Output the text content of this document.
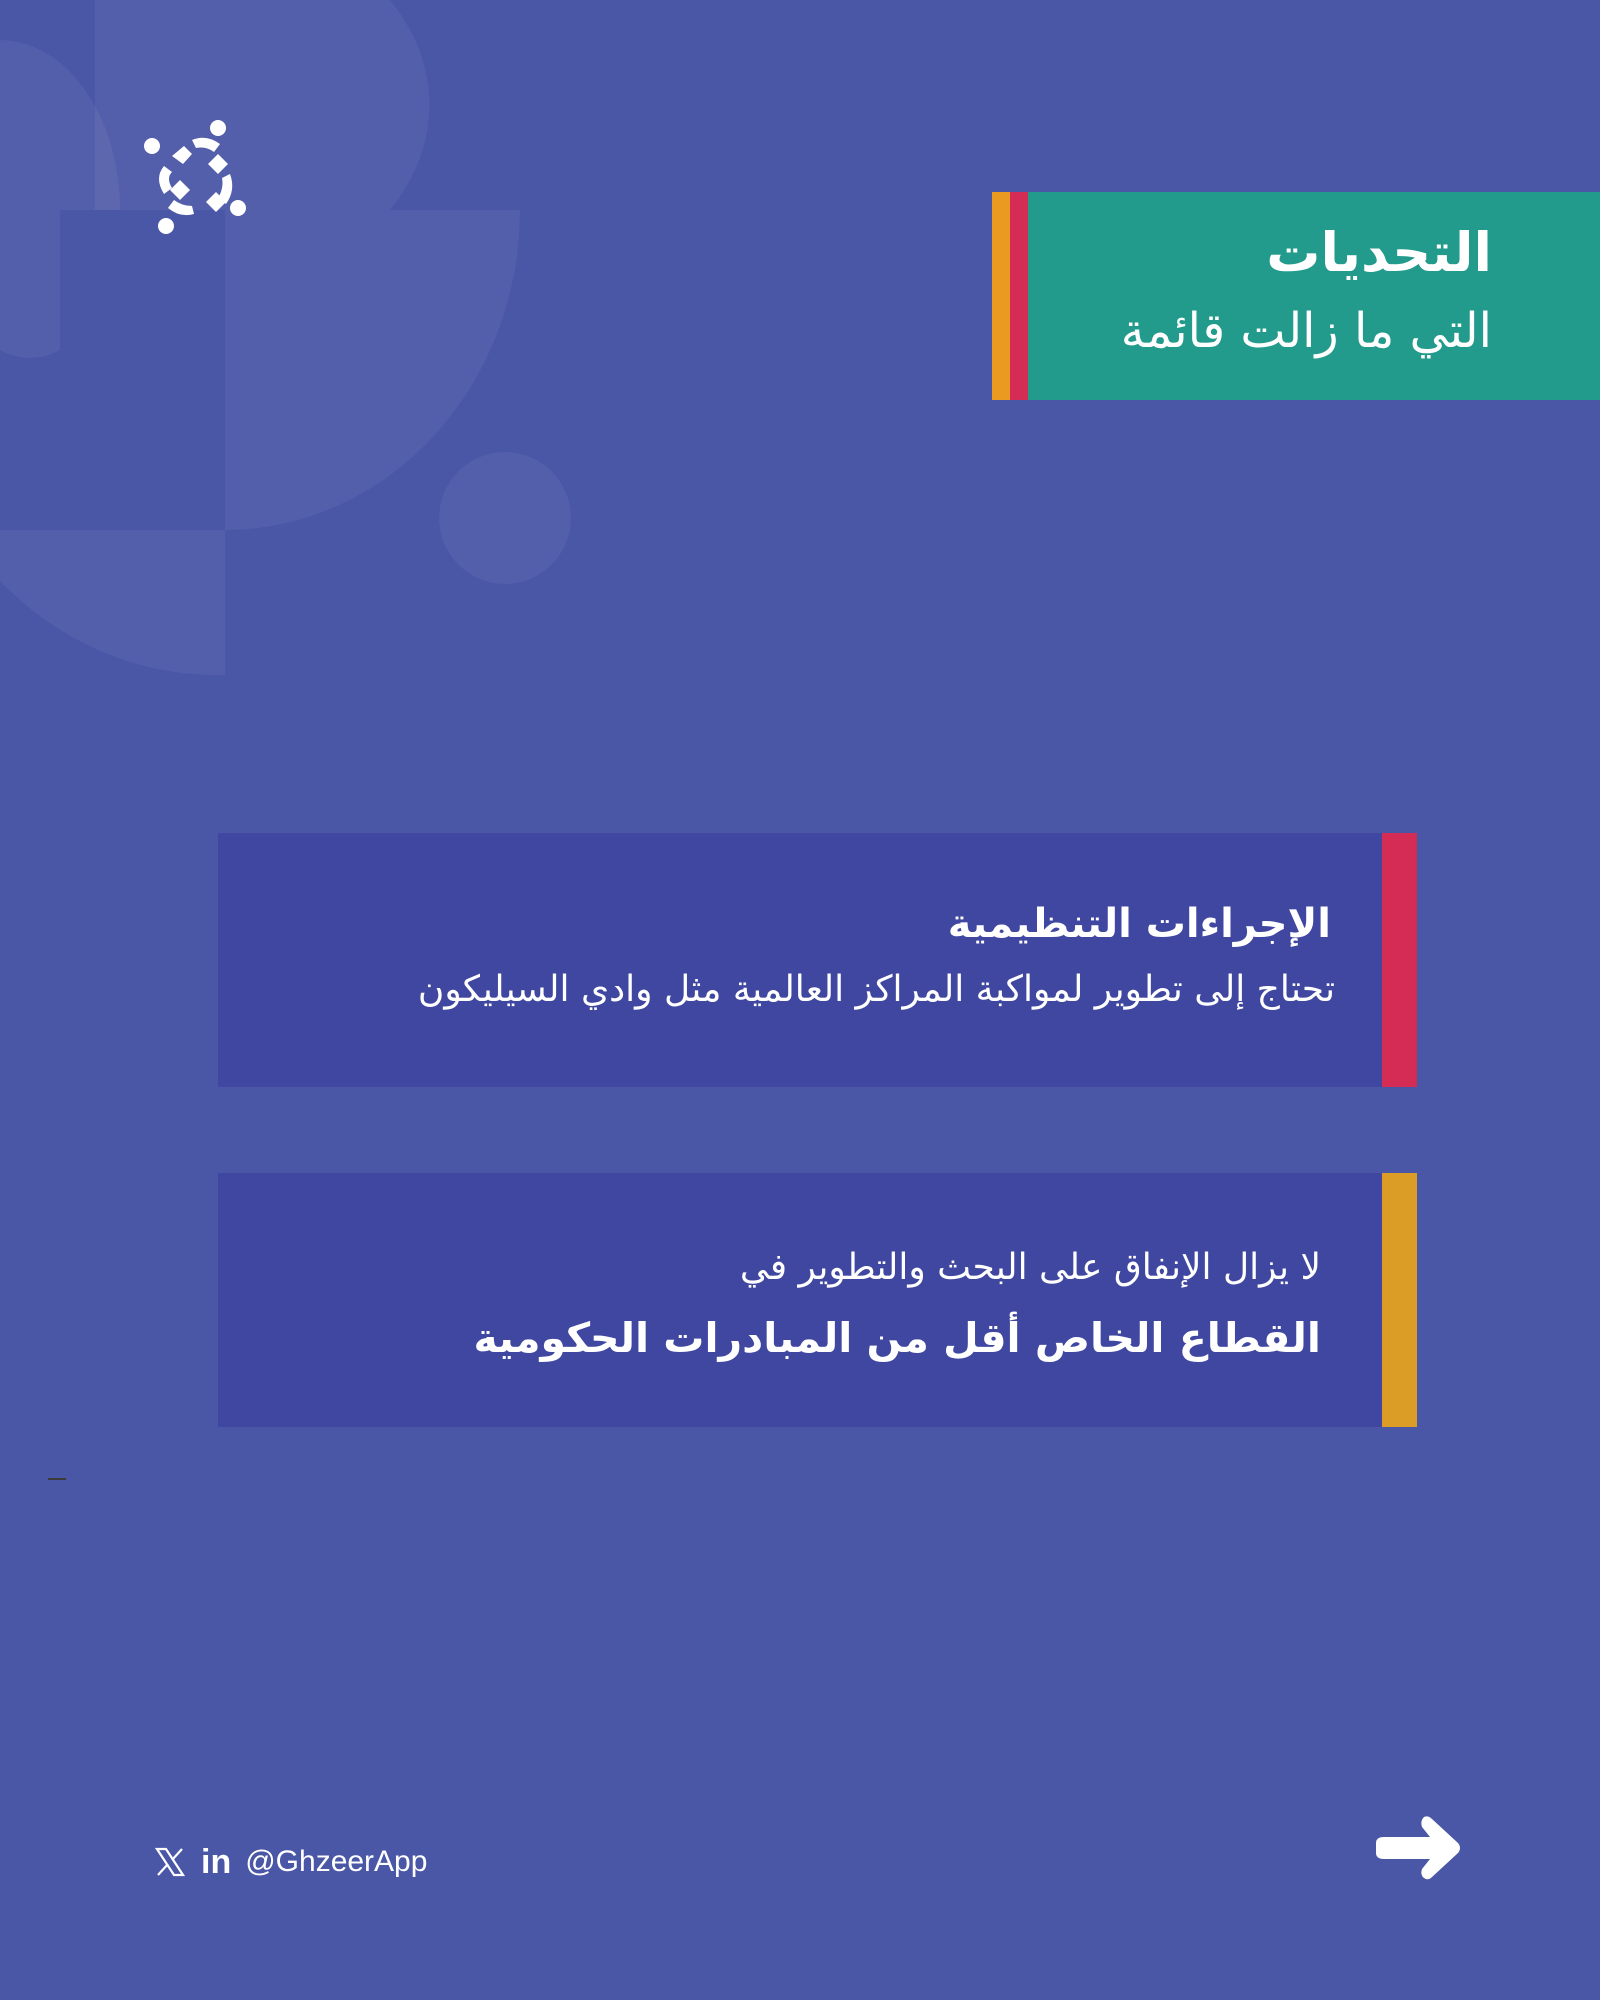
التحديات
التي ما زالت قائمة
الإجراءات التنظيمية
تحتاج إلى تطوير لمواكبة المراكز العالمية مثل وادي السيليكون
لا يزال الإنفاق على البحث والتطوير في
القطاع الخاص أقل من المبادرات الحكومية
in @GhzeerApp
